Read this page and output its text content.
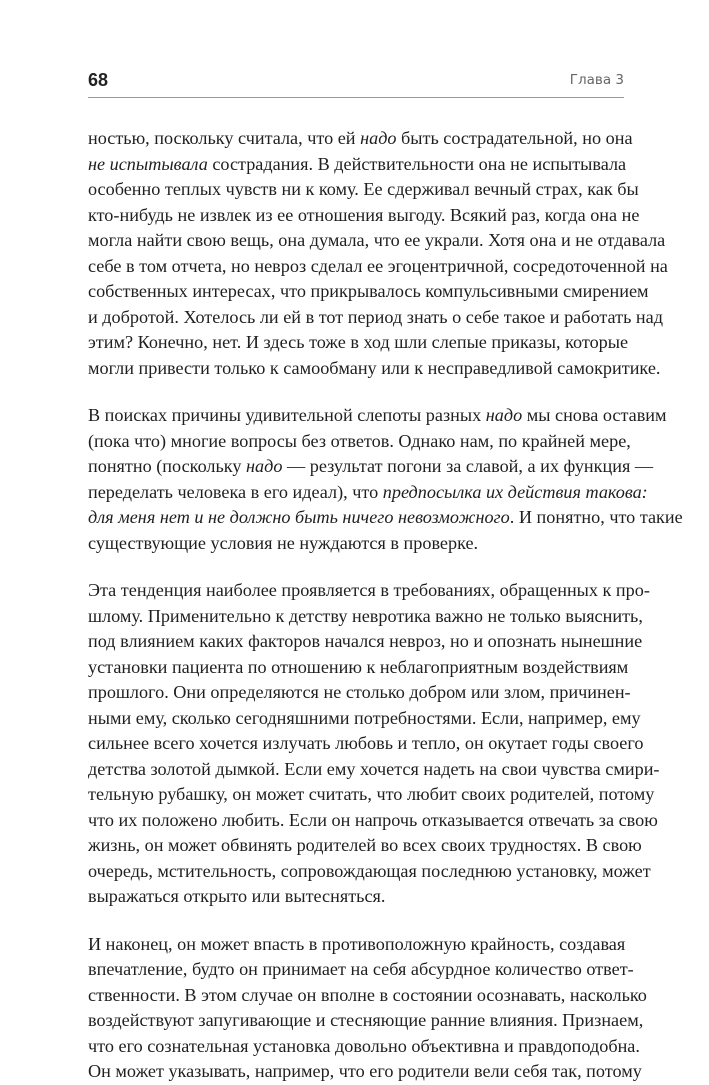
68	Глава 3
ностью, поскольку считала, что ей надо быть сострадательной, но она
не испытывала сострадания. В действительности она не испытывала
особенно теплых чувств ни к кому. Ее сдерживал вечный страх, как бы
кто-нибудь не извлек из ее отношения выгоду. Всякий раз, когда она не
могла найти свою вещь, она думала, что ее украли. Хотя она и не отдавала
себе в том отчета, но невроз сделал ее эгоцентричной, сосредоточенной на
собственных интересах, что прикрывалось компульсивными смирением
и добротой. Хотелось ли ей в тот период знать о себе такое и работать над
этим? Конечно, нет. И здесь тоже в ход шли слепые приказы, которые
могли привести только к самообману или к несправедливой самокритике.
В поисках причины удивительной слепоты разных надо мы снова оставим
(пока что) многие вопросы без ответов. Однако нам, по крайней мере,
понятно (поскольку надо — результат погони за славой, а их функция —
переделать человека в его идеал), что предпосылка их действия такова:
для меня нет и не должно быть ничего невозможного. И понятно, что такие
существующие условия не нуждаются в проверке.
Эта тенденция наиболее проявляется в требованиях, обращенных к про-
шлому. Применительно к детству невротика важно не только выяснить,
под влиянием каких факторов начался невроз, но и опознать нынешние
установки пациента по отношению к неблагоприятным воздействиям
прошлого. Они определяются не столько добром или злом, причинен-
ными ему, сколько сегодняшними потребностями. Если, например, ему
сильнее всего хочется излучать любовь и тепло, он окутает годы своего
детства золотой дымкой. Если ему хочется надеть на свои чувства смири-
тельную рубашку, он может считать, что любит своих родителей, потому
что их положено любить. Если он напрочь отказывается отвечать за свою
жизнь, он может обвинять родителей во всех своих трудностях. В свою
очередь, мстительность, сопровождающая последнюю установку, может
выражаться открыто или вытесняться.
И наконец, он может впасть в противоположную крайность, создавая
впечатление, будто он принимает на себя абсурдное количество ответ-
ственности. В этом случае он вполне в состоянии осознавать, насколько
воздействуют запугивающие и стесняющие ранние влияния. Признаем,
что его сознательная установка довольно объективна и правдоподобна.
Он может указывать, например, что его родители вели себя так, потому
